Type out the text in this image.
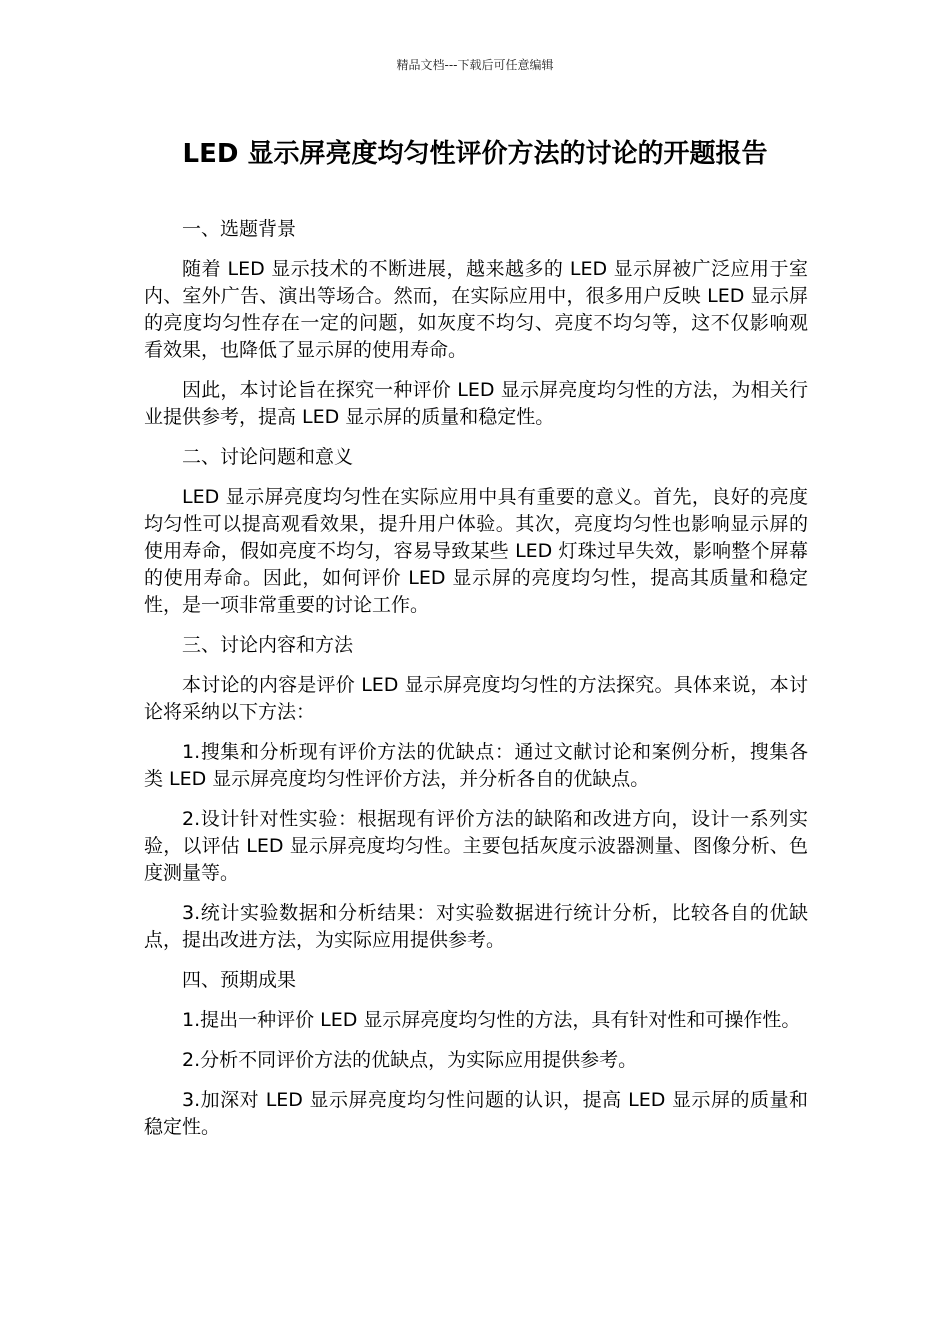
精品文档---下载后可任意编辑
LED 显示屏亮度均匀性评价方法的讨论的开题报告

一、选题背景

随着 LED 显示技术的不断进展，越来越多的 LED 显示屏被广泛应用于室内、室外广告、演出等场合。然而，在实际应用中，很多用户反映 LED 显示屏的亮度均匀性存在一定的问题，如灰度不均匀、亮度不均匀等，这不仅影响观看效果，也降低了显示屏的使用寿命。

因此，本讨论旨在探究一种评价 LED 显示屏亮度均匀性的方法，为相关行业提供参考，提高 LED 显示屏的质量和稳定性。

二、讨论问题和意义

LED 显示屏亮度均匀性在实际应用中具有重要的意义。首先，良好的亮度均匀性可以提高观看效果，提升用户体验。其次，亮度均匀性也影响显示屏的使用寿命，假如亮度不均匀，容易导致某些 LED 灯珠过早失效，影响整个屏幕的使用寿命。因此，如何评价 LED 显示屏的亮度均匀性，提高其质量和稳定性，是一项非常重要的讨论工作。

三、讨论内容和方法

本讨论的内容是评价 LED 显示屏亮度均匀性的方法探究。具体来说，本讨论将采纳以下方法：

1.搜集和分析现有评价方法的优缺点：通过文献讨论和案例分析，搜集各类 LED 显示屏亮度均匀性评价方法，并分析各自的优缺点。

2.设计针对性实验：根据现有评价方法的缺陷和改进方向，设计一系列实验，以评估 LED 显示屏亮度均匀性。主要包括灰度示波器测量、图像分析、色度测量等。

3.统计实验数据和分析结果：对实验数据进行统计分析，比较各自的优缺点，提出改进方法，为实际应用提供参考。

四、预期成果

1.提出一种评价 LED 显示屏亮度均匀性的方法，具有针对性和可操作性。

2.分析不同评价方法的优缺点，为实际应用提供参考。

3.加深对 LED 显示屏亮度均匀性问题的认识，提高 LED 显示屏的质量和稳定性。
